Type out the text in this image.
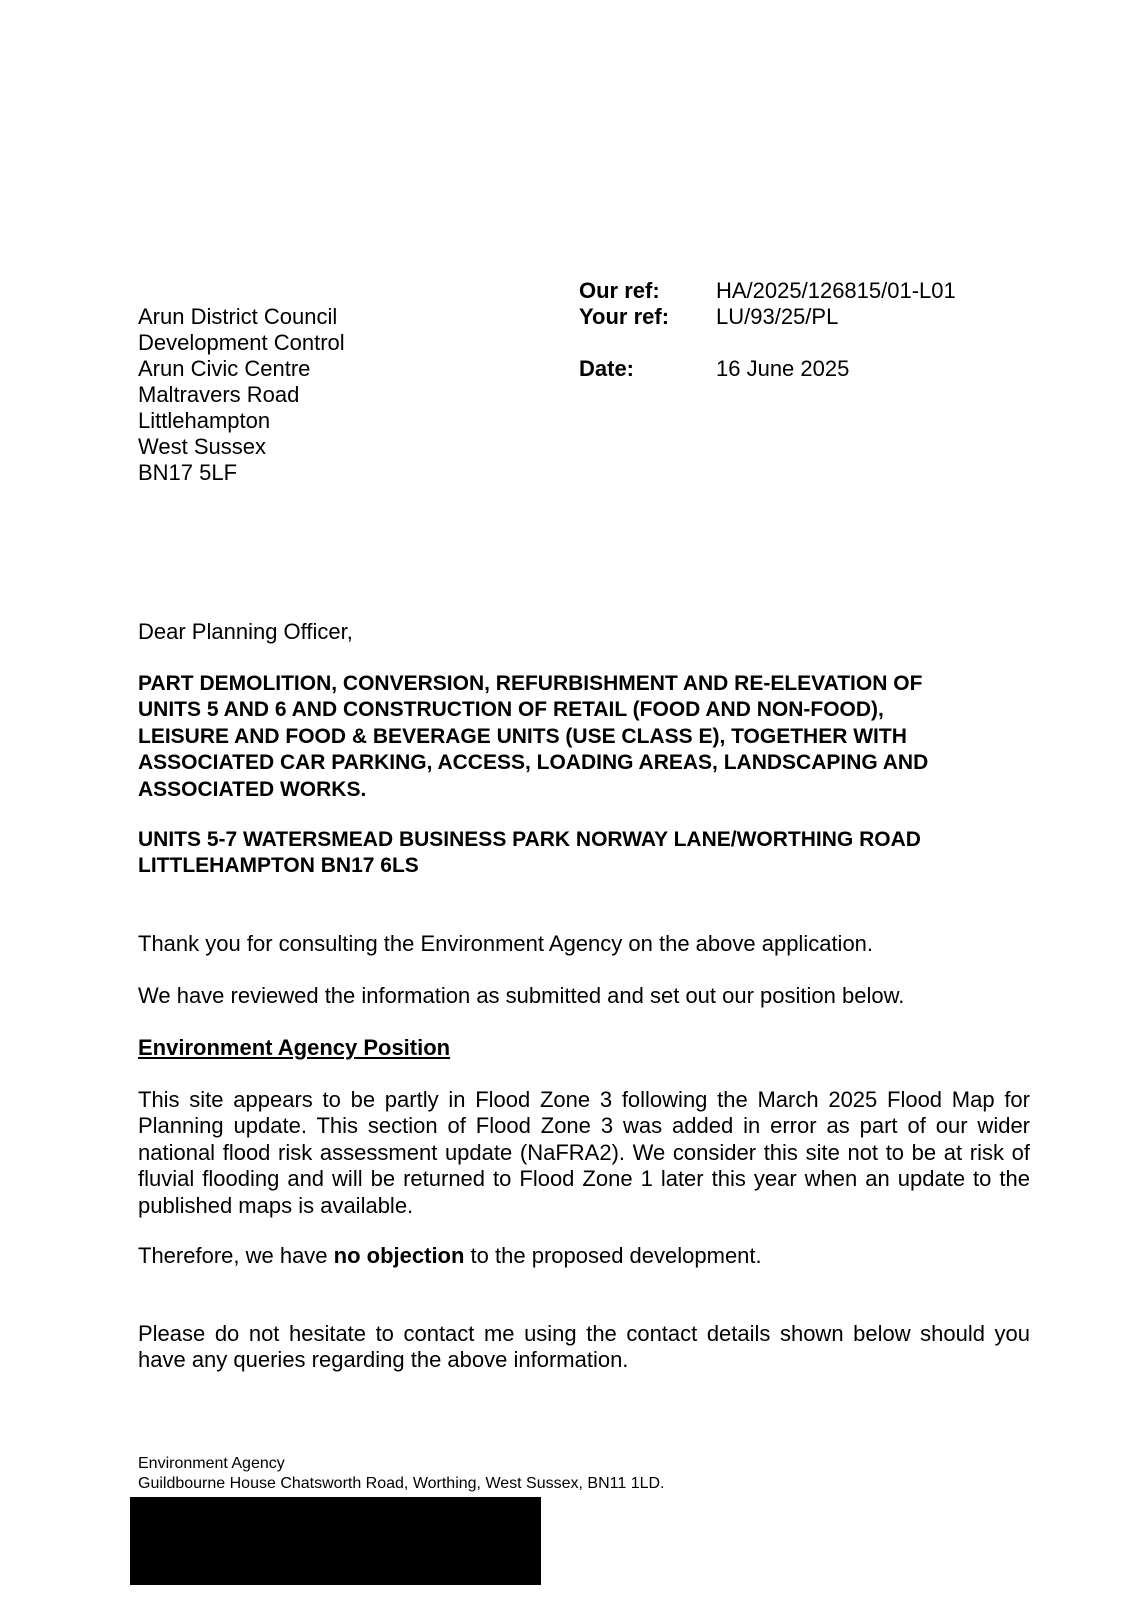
Arun District Council
Development Control
Arun Civic Centre
Maltravers Road
Littlehampton
West Sussex
BN17 5LF
Our ref:	HA/2025/126815/01-L01
Your ref: LU/93/25/PL
Date:	16 June 2025
Dear Planning Officer,
PART DEMOLITION, CONVERSION, REFURBISHMENT AND RE-ELEVATION OF
UNITS 5 AND 6 AND CONSTRUCTION OF RETAIL (FOOD AND NON-FOOD),
LEISURE AND FOOD & BEVERAGE UNITS (USE CLASS E), TOGETHER WITH
ASSOCIATED CAR PARKING, ACCESS, LOADING AREAS, LANDSCAPING AND
ASSOCIATED WORKS.
UNITS 5-7 WATERSMEAD BUSINESS PARK NORWAY LANE/WORTHING ROAD
LITTLEHAMPTON BN17 6LS
Thank you for consulting the Environment Agency on the above application.
We have reviewed the information as submitted and set out our position below.
Environment Agency Position
This site appears to be partly in Flood Zone 3 following the March 2025 Flood Map for Planning update. This section of Flood Zone 3 was added in error as part of our wider national flood risk assessment update (NaFRA2). We consider this site not to be at risk of fluvial flooding and will be returned to Flood Zone 1 later this year when an update to the published maps is available.
Therefore, we have no objection to the proposed development.
Please do not hesitate to contact me using the contact details shown below should you have any queries regarding the above information.
Environment Agency
Guildbourne House Chatsworth Road, Worthing, West Sussex, BN11 1LD.
